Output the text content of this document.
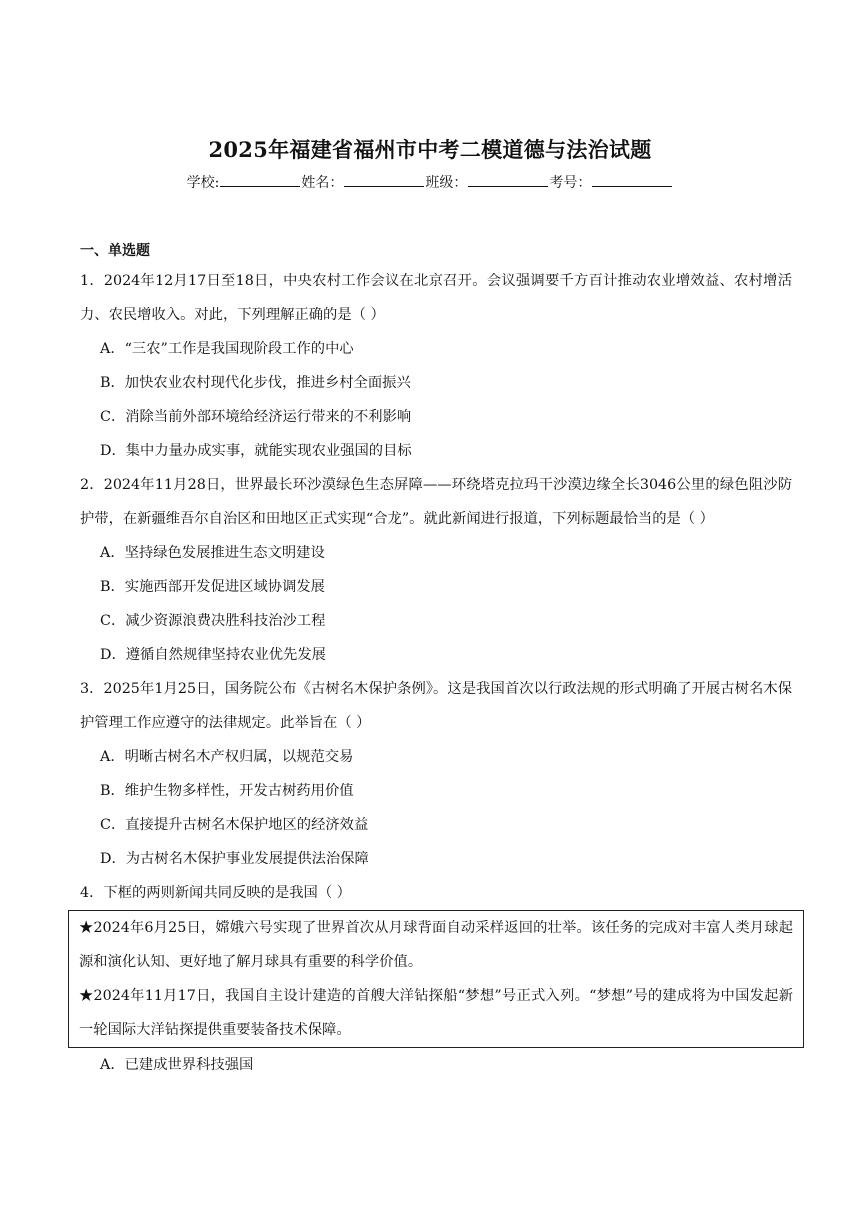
2025年福建省福州市中考二模道德与法治试题
学校:	姓名：	班级：	考号：
一、单选题

1．2024年12月17日至18日，中央农村工作会议在北京召开。会议强调要千方百计推动农业增效益、农村增活力、农民增收入。对此，下列理解正确的是（ ）

A．“三农”工作是我国现阶段工作的中心

B．加快农业农村现代化步伐，推进乡村全面振兴

C．消除当前外部环境给经济运行带来的不利影响

D．集中力量办成实事，就能实现农业强国的目标

2．2024年11月28日，世界最长环沙漠绿色生态屏障——环绕塔克拉玛干沙漠边缘全长3046公里的绿色阻沙防护带，在新疆维吾尔自治区和田地区正式实现“合龙”。就此新闻进行报道，下列标题最恰当的是（ ）

A．坚持绿色发展推进生态文明建设

B．实施西部开发促进区域协调发展

C．减少资源浪费决胜科技治沙工程

D．遵循自然规律坚持农业优先发展

3．2025年1月25日，国务院公布《古树名木保护条例》。这是我国首次以行政法规的形式明确了开展古树名木保护管理工作应遵守的法律规定。此举旨在（ ）

A．明晰古树名木产权归属，以规范交易

B．维护生物多样性，开发古树药用价值

C．直接提升古树名木保护地区的经济效益

D．为古树名木保护事业发展提供法治保障

4．下框的两则新闻共同反映的是我国（ ）

★2024年6月25日，嫦娥六号实现了世界首次从月球背面自动采样返回的壮举。该任务的完成对丰富人类月球起源和演化认知、更好地了解月球具有重要的科学价值。

★2024年11月17日，我国自主设计建造的首艘大洋钻探船“梦想”号正式入列。“梦想”号的建成将为中国发起新一轮国际大洋钻探提供重要装备技术保障。

A．已建成世界科技强国
